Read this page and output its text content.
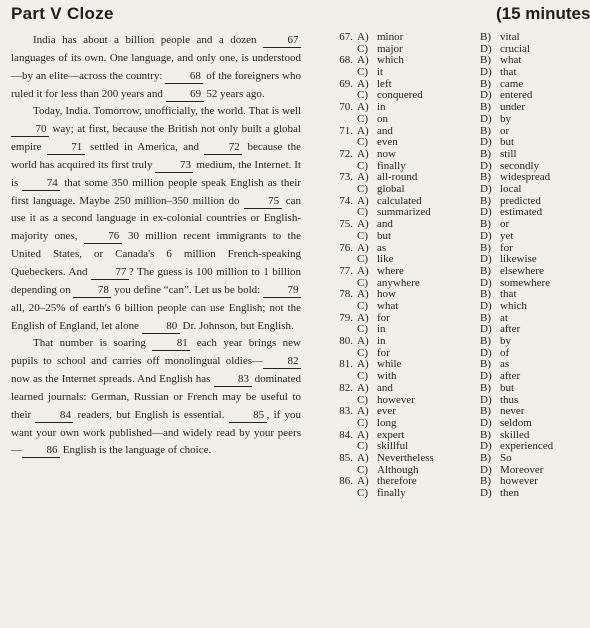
Part V Cloze	(15 minutes

India has about a billion people and a dozen 67 languages of its own. One language, and only one, is understood—by an elite—across the country: 68 of the foreigners who ruled it for less than 200 years and 69 52 years ago.

Today, India. Tomorrow, unofficially, the world. That is well 70 way; at first, because the British not only built a global empire 71 settled in America, and 72 because the world has acquired its first truly 73 medium, the Internet. It is 74 that some 350 million people speak English as their first language. Maybe 250 million–350 million do 75 can use it as a second language in ex-colonial countries or English-majority ones, 76 30 million recent immigrants to the United States, or Canada's 6 million French-speaking Quebeckers. And 77 ? The guess is 100 million to 1 billion depending on 78 you define “can”. Let us be bold: 79 all, 20–25% of earth's 6 billion people can use English; not the English of England, let alone 80 Dr. Johnson, but English.

That number is soaring 81 each year brings new pupils to school and carries off monolingual oldies— 82 now as the Internet spreads. And English has 83 dominated learned journals: German, Russian or French may be useful to their 84 readers, but English is essential. 85 , if you want your own work published—and widely read by your peers— 86 English is the language of choice.

67. A) minor
C) major
B) vital
D) crucial
68. A) which
C) it
B) what
D) that
69. A) left
C) conquered
B) came
D) entered
70. A) in
C) on
B) under
D) by
71. A) and
C) even
B) or
D) but
72. A) now
C) finally
B) still
D) secondly
73. A) all-round
C) global
B) widespread
D) local
74. A) calculated
C) summarized
B) predicted
D) estimated
75. A) and
C) but
B) or
D) yet
76. A) as
C) like
B) for
D) likewise
77. A) where
C) anywhere
B) elsewhere
D) somewhere
78. A) how
C) what
B) that
D) which
79. A) for
C) in
B) at
D) after
80. A) in
C) for
B) by
D) of
81. A) while
C) with
B) as
D) after
82. A) and
C) however
B) but
D) thus
83. A) ever
C) long
B) never
D) seldom
84. A) expert
C) skillful
B) skilled
D) experienced
85. A) Nevertheless
C) Although
B) So
D) Moreover
86. A) therefore
C) finally
B) however
D) then
